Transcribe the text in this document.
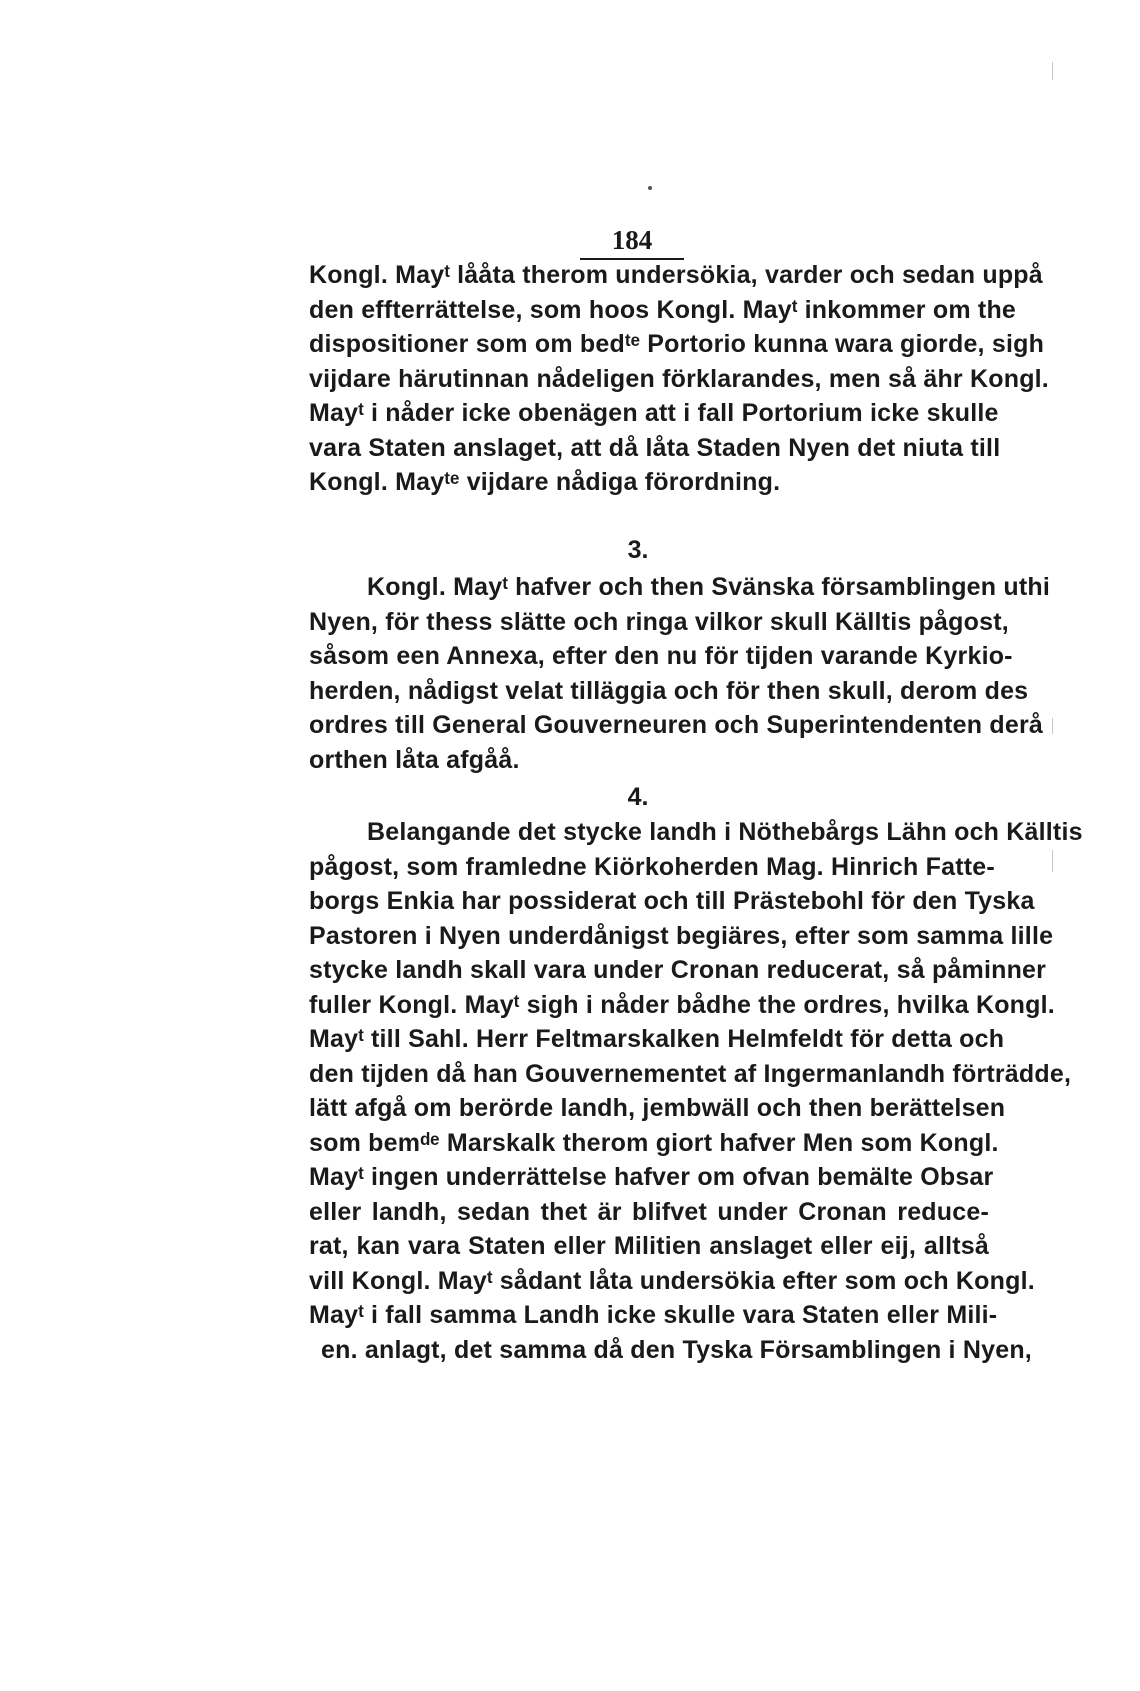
184
Kongl. Mayᵗ lååta therom undersökia, varder och sedan uppå
den effterrättelse, som hoos Kongl. Mayᵗ inkommer om the
dispositioner som om bedᵗᵉ Portorio kunna wara giorde, sigh
vijdare härutinnan nådeligen förklarandes, men så ähr Kongl.
Mayᵗ i nåder icke obenägen att i fall Portorium icke skulle
vara Staten anslaget, att då låta Staden Nyen det niuta till
Kongl. Mayᵗᵉ vijdare nådiga förordning.
3.
Kongl. Mayᵗ hafver och then Svänska församblingen uthi
Nyen, för thess slätte och ringa vilkor skull Källtis pågost,
såsom een Annexa, efter den nu för tijden varande Kyrkio-
herden, nådigst velat tilläggia och för then skull, derom des
ordres till General Gouverneuren och Superintendenten derå
orthen låta afgåå.
4.
Belangande det stycke landh i Nöthebårgs Lähn och Källtis
pågost, som framledne Kiörkoherden Mag. Hinrich Fatte-
borgs Enkia har possiderat och till Prästebohl för den Tyska
Pastoren i Nyen underdånigst begiäres, efter som samma lille
stycke landh skall vara under Cronan reducerat, så påminner
fuller Kongl. Mayᵗ sigh i nåder bådhe the ordres, hvilka Kongl.
Mayᵗ till Sahl. Herr Feltmarskalken Helmfeldt för detta och
den tijden då han Gouvernementet af Ingermanlandh förträdde,
lätt afgå om berörde landh, jembwäll och then berättelsen
som bemᵈᵉ Marskalk therom giort hafver Men som Kongl.
Mayᵗ ingen underrättelse hafver om ofvan bemälte Obsar
eller landh, sedan thet är blifvet under Cronan reduce-
rat, kan vara Staten eller Militien anslaget eller eij, alltså
vill Kongl. Mayᵗ sådant låta undersökia efter som och Kongl.
Mayᵗ i fall samma Landh icke skulle vara Staten eller Mili-
en. anlagt, det samma då den Tyska Församblingen i Nyen,
